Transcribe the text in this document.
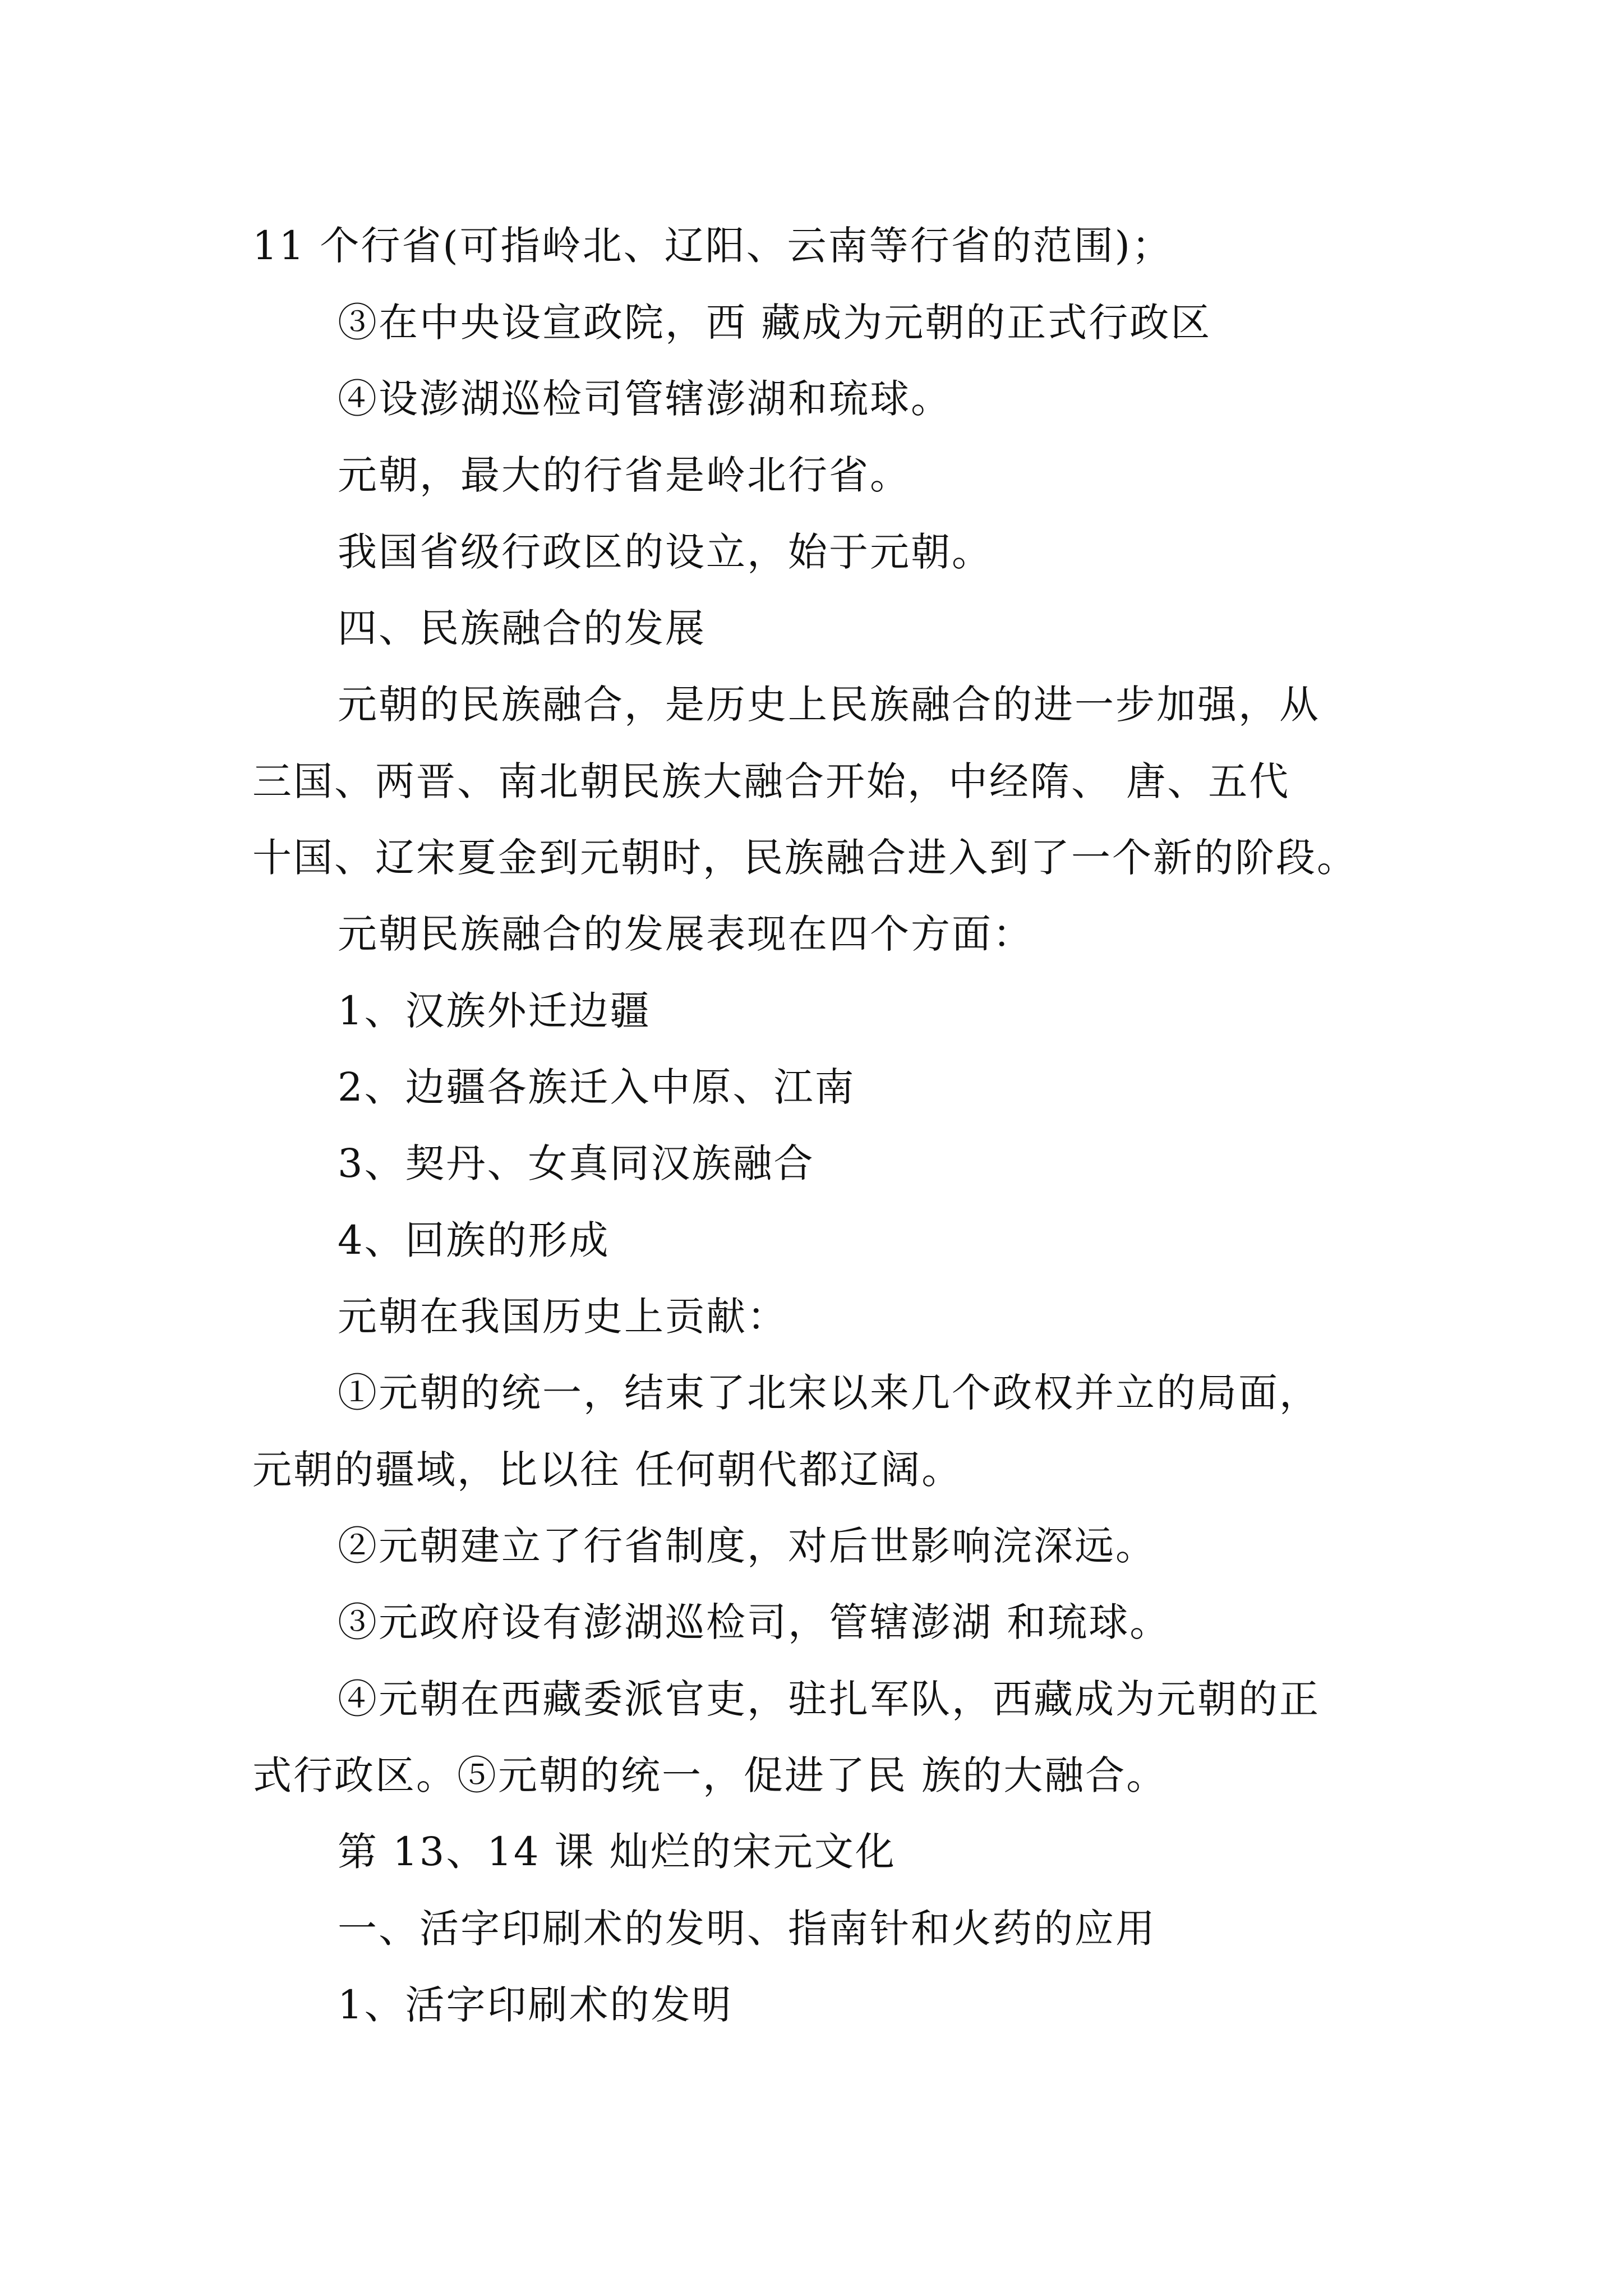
11 个行省(可指岭北、辽阳、云南等行省的范围)；
③在中央设宣政院，西 藏成为元朝的正式行政区
④设澎湖巡检司管辖澎湖和琉球。
元朝，最大的行省是岭北行省。
我国省级行政区的设立，始于元朝。
四、民族融合的发展
元朝的民族融合，是历史上民族融合的进一步加强，从
三国、两晋、南北朝民族大融合开始，中经隋、 唐、五代
十国、辽宋夏金到元朝时，民族融合进入到了一个新的阶段。
元朝民族融合的发展表现在四个方面：
1、汉族外迁边疆
2、边疆各族迁入中原、江南
3、契丹、女真同汉族融合
4、回族的形成
元朝在我国历史上贡献：
①元朝的统一，结束了北宋以来几个政权并立的局面，
元朝的疆域，比以往 任何朝代都辽阔。
②元朝建立了行省制度，对后世影响浣深远。
③元政府设有澎湖巡检司，管辖澎湖 和琉球。
④元朝在西藏委派官吏，驻扎军队，西藏成为元朝的正
式行政区。⑤元朝的统一，促进了民 族的大融合。
第 13、14 课 灿烂的宋元文化
一、活字印刷术的发明、指南针和火药的应用
1、活字印刷术的发明
